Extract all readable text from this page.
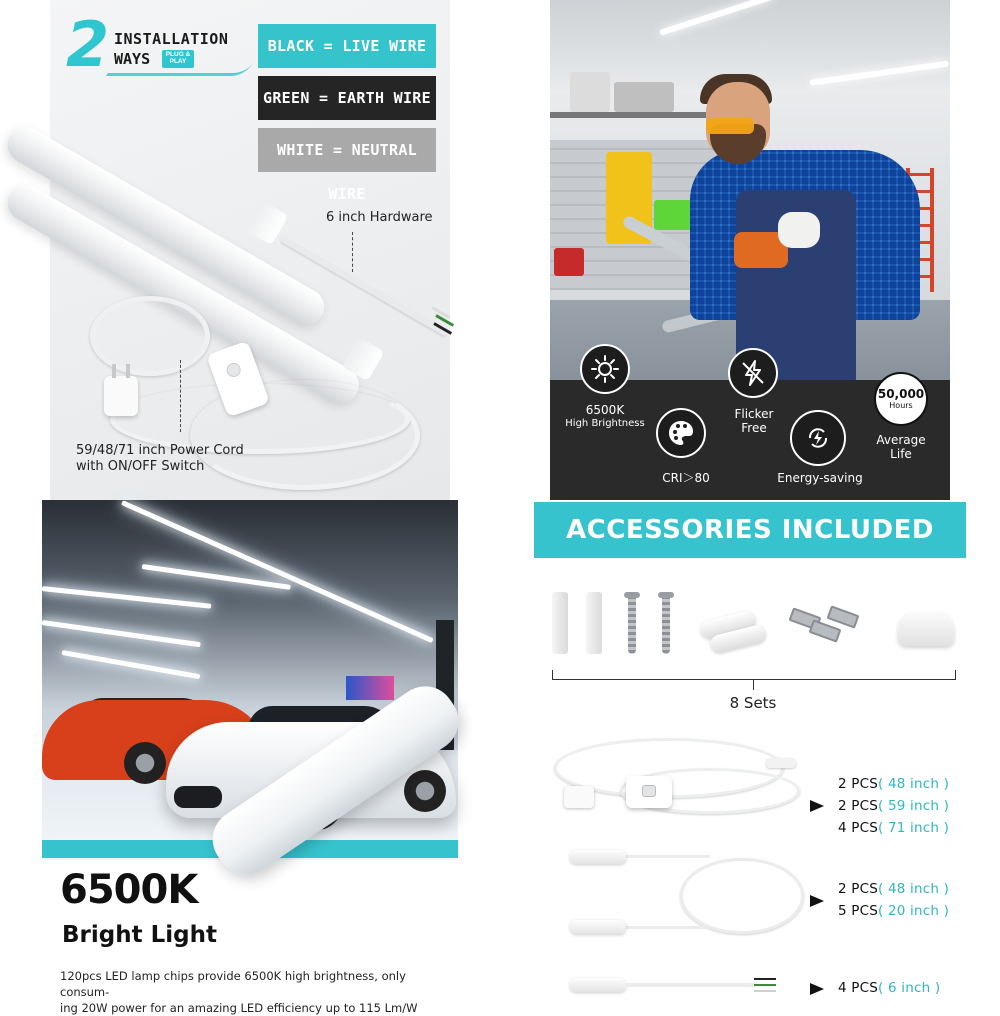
2 INSTALLATION
WAYS	PLUG & PLAY
BLACK = LIVE WIRE
GREEN = EARTH WIRE
WHITE = NEUTRAL WIRE
6 inch Hardware
59/48/71 inch Power Cord
with ON/OFF Switch
50,000
Hours
6500K
High Brightness
Flicker
Free
Average
Life
CRI＞80	Energy-saving
6500K
Bright Light
120pcs LED lamp chips provide 6500K high brightness, only consum-
ing 20W power for an amazing LED efficiency up to 115 Lm/W
ACCESSORIES INCLUDED
8 Sets
2 PCS( 48 inch )
2 PCS( 59 inch )
4 PCS( 71 inch )
2 PCS( 48 inch )
5 PCS( 20 inch )
4 PCS( 6 inch )
